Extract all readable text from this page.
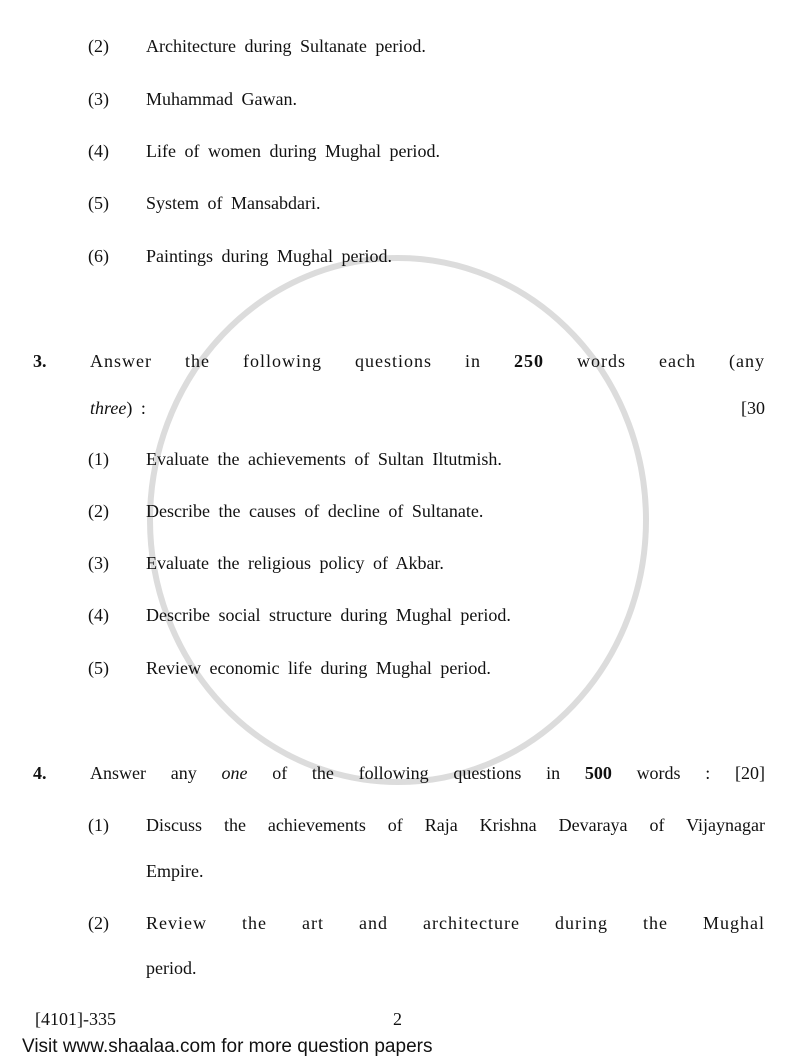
(2) Architecture during Sultanate period.
(3) Muhammad Gawan.
(4) Life of women during Mughal period.
(5) System of Mansabdari.
(6) Paintings during Mughal period.
3. Answer the following questions in 250 words each (any
three) :	[30
(1) Evaluate the achievements of Sultan Iltutmish.
(2) Describe the causes of decline of Sultanate.
(3) Evaluate the religious policy of Akbar.
(4) Describe social structure during Mughal period.
(5) Review economic life during Mughal period.
4. Answer any one of the following questions in 500 words : [20]
(1) Discuss the achievements of Raja Krishna Devaraya of Vijaynagar
Empire.
(2) Review the art and architecture during the Mughal
period.
[4101]-335	2
Visit www.shaalaa.com for more question papers
